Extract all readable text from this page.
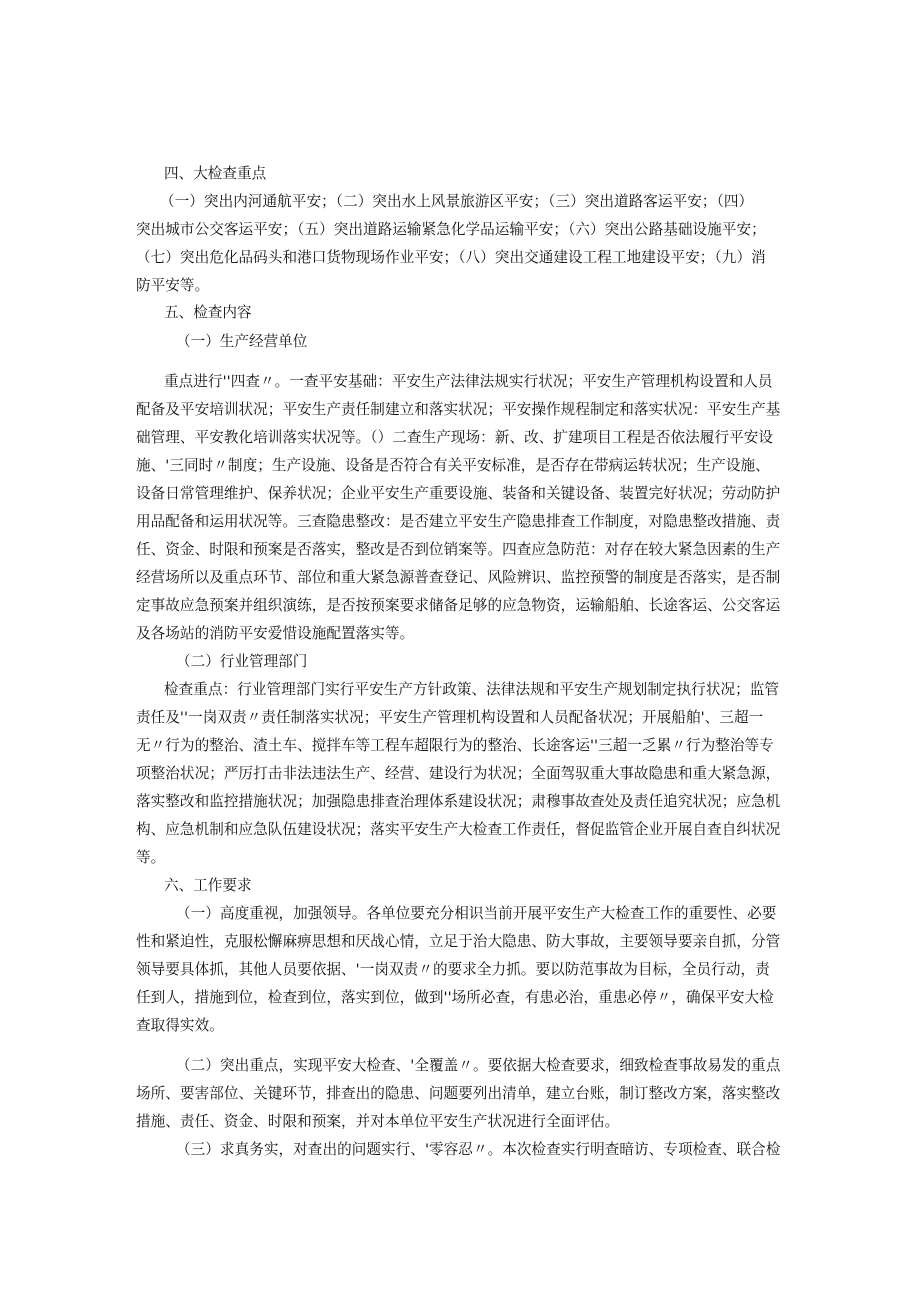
四、大检查重点
（一）突出内河通航平安；（二）突出水上风景旅游区平安；（三）突出道路客运平安；（四）
突出城市公交客运平安；（五）突出道路运输紧急化学品运输平安；（六）突出公路基础设施平安；
（七）突出危化品码头和港口货物现场作业平安；（八）突出交通建设工程工地建设平安；（九）消
防平安等。
五、检查内容
（一）生产经营单位
重点进行''四查〃。一查平安基础：平安生产法律法规实行状况；平安生产管理机构设置和人员
配备及平安培训状况；平安生产责任制建立和落实状况；平安操作规程制定和落实状况：平安生产基
础管理、平安教化培训落实状况等。（）二查生产现场：新、改、扩建项目工程是否依法履行平安设
施、'三同时〃制度；生产设施、设备是否符合有关平安标准，是否存在带病运转状况；生产设施、
设备日常管理维护、保养状况；企业平安生产重要设施、装备和关键设备、装置完好状况；劳动防护
用品配备和运用状况等。三查隐患整改：是否建立平安生产隐患排查工作制度，对隐患整改措施、责
任、资金、时限和预案是否落实，整改是否到位销案等。四查应急防范：对存在较大紧急因素的生产
经营场所以及重点环节、部位和重大紧急源普查登记、风险辨识、监控预警的制度是否落实，是否制
定事故应急预案并组织演练，是否按预案要求储备足够的应急物资，运输船舶、长途客运、公交客运
及各场站的消防平安爱惜设施配置落实等。
（二）行业管理部门
检查重点：行业管理部门实行平安生产方针政策、法律法规和平安生产规划制定执行状况；监管
责任及''一岗双责〃责任制落实状况；平安生产管理机构设置和人员配备状况；开展船舶'、三超一
无〃行为的整治、渣土车、搅拌车等工程车超限行为的整治、长途客运''三超一乏累〃行为整治等专
项整治状况；严厉打击非法违法生产、经营、建设行为状况；全面驾驭重大事故隐患和重大紧急源，
落实整改和监控措施状况；加强隐患排查治理体系建设状况；肃穆事故查处及责任追究状况；应急机
构、应急机制和应急队伍建设状况；落实平安生产大检查工作责任，督促监管企业开展自查自纠状况
等。
六、工作要求
（一）高度重视，加强领导。各单位要充分相识当前开展平安生产大检查工作的重要性、必要
性和紧迫性，克服松懈麻痹思想和厌战心情，立足于治大隐患、防大事故，主要领导要亲自抓，分管
领导要具体抓，其他人员要依据、'一岗双责〃的要求全力抓。要以防范事故为目标，全员行动，责
任到人，措施到位，检查到位，落实到位，做到''场所必查，有患必治，重患必停〃，确保平安大检
查取得实效。
（二）突出重点，实现平安大检查、'全覆盖〃。要依据大检查要求，细致检查事故易发的重点
场所、要害部位、关键环节，排查出的隐患、问题要列出清单，建立台账，制订整改方案，落实整改
措施、责任、资金、时限和预案，并对本单位平安生产状况进行全面评估。
（三）求真务实，对查出的问题实行、'零容忍〃。本次检查实行明查暗访、专项检查、联合检
